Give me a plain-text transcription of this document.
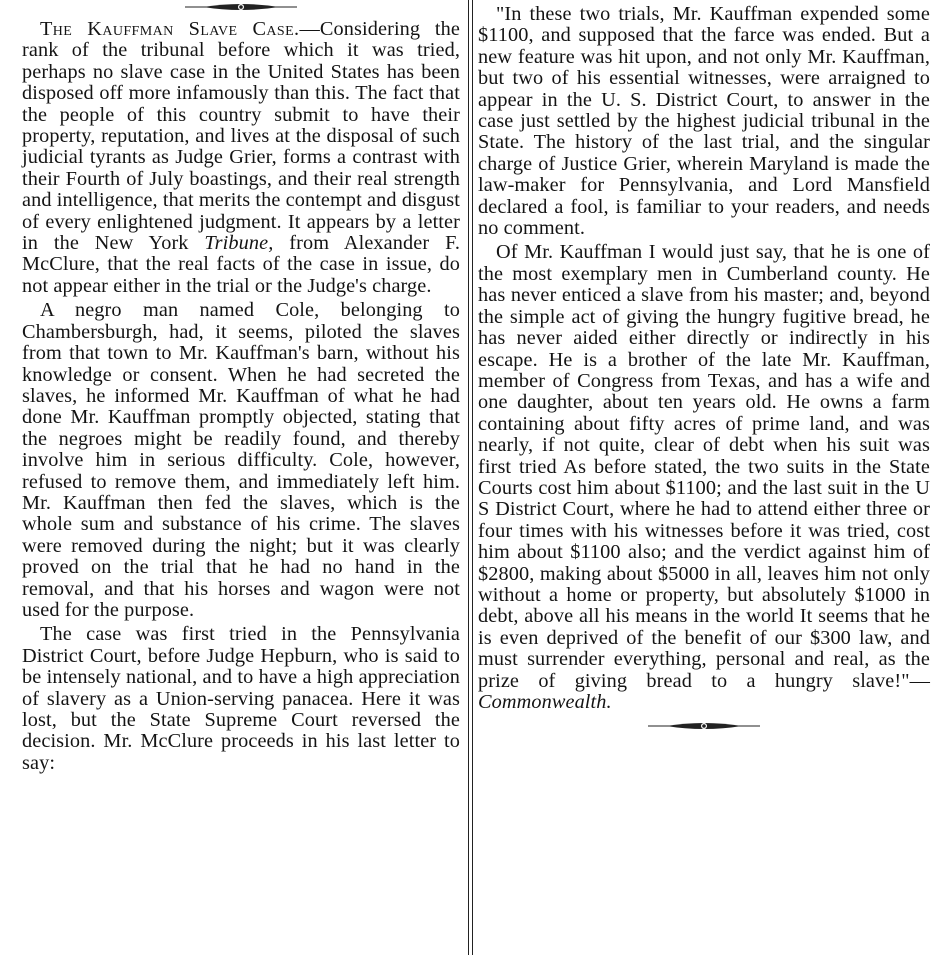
The Kauffman Slave Case.—Considering the rank of the tribunal before which it was tried, perhaps no slave case in the United States has been disposed off more infamously than this. The fact that the people of this country submit to have their property, reputation, and lives at the disposal of such judicial tyrants as Judge Grier, forms a contrast with their Fourth of July boastings, and their real strength and intelligence, that merits the contempt and disgust of every enlightened judgment. It appears by a letter in the New York Tribune, from Alexander F. McClure, that the real facts of the case in issue, do not appear either in the trial or the Judge's charge.

A negro man named Cole, belonging to Chambersburgh, had, it seems, piloted the slaves from that town to Mr. Kauffman's barn, without his knowledge or consent. When he had secreted the slaves, he informed Mr. Kauffman of what he had done Mr. Kauffman promptly objected, stating that the negroes might be readily found, and thereby involve him in serious difficulty. Cole, however, refused to remove them, and immediately left him. Mr. Kauffman then fed the slaves, which is the whole sum and substance of his crime. The slaves were removed during the night; but it was clearly proved on the trial that he had no hand in the removal, and that his horses and wagon were not used for the purpose.

The case was first tried in the Pennsylvania District Court, before Judge Hepburn, who is said to be intensely national, and to have a high appreciation of slavery as a Union-serving panacea. Here it was lost, but the State Supreme Court reversed the decision. Mr. McClure proceeds in his last letter to say:

"In these two trials, Mr. Kauffman expended some $1100, and supposed that the farce was ended. But a new feature was hit upon, and not only Mr. Kauffman, but two of his essential witnesses, were arraigned to appear in the U. S. District Court, to answer in the case just settled by the highest judicial tribunal in the State. The history of the last trial, and the singular charge of Justice Grier, wherein Maryland is made the law-maker for Pennsylvania, and Lord Mansfield declared a fool, is familiar to your readers, and needs no comment.

Of Mr. Kauffman I would just say, that he is one of the most exemplary men in Cumberland county. He has never enticed a slave from his master; and, beyond the simple act of giving the hungry fugitive bread, he has never aided either directly or indirectly in his escape. He is a brother of the late Mr. Kauffman, member of Congress from Texas, and has a wife and one daughter, about ten years old. He owns a farm containing about fifty acres of prime land, and was nearly, if not quite, clear of debt when his suit was first tried As before stated, the two suits in the State Courts cost him about $1100; and the last suit in the U S District Court, where he had to attend either three or four times with his witnesses before it was tried, cost him about $1100 also; and the verdict against him of $2800, making about $5000 in all, leaves him not only without a home or property, but absolutely $1000 in debt, above all his means in the world It seems that he is even deprived of the benefit of our $300 law, and must surrender everything, personal and real, as the prize of giving bread to a hungry slave!"—Commonwealth.
